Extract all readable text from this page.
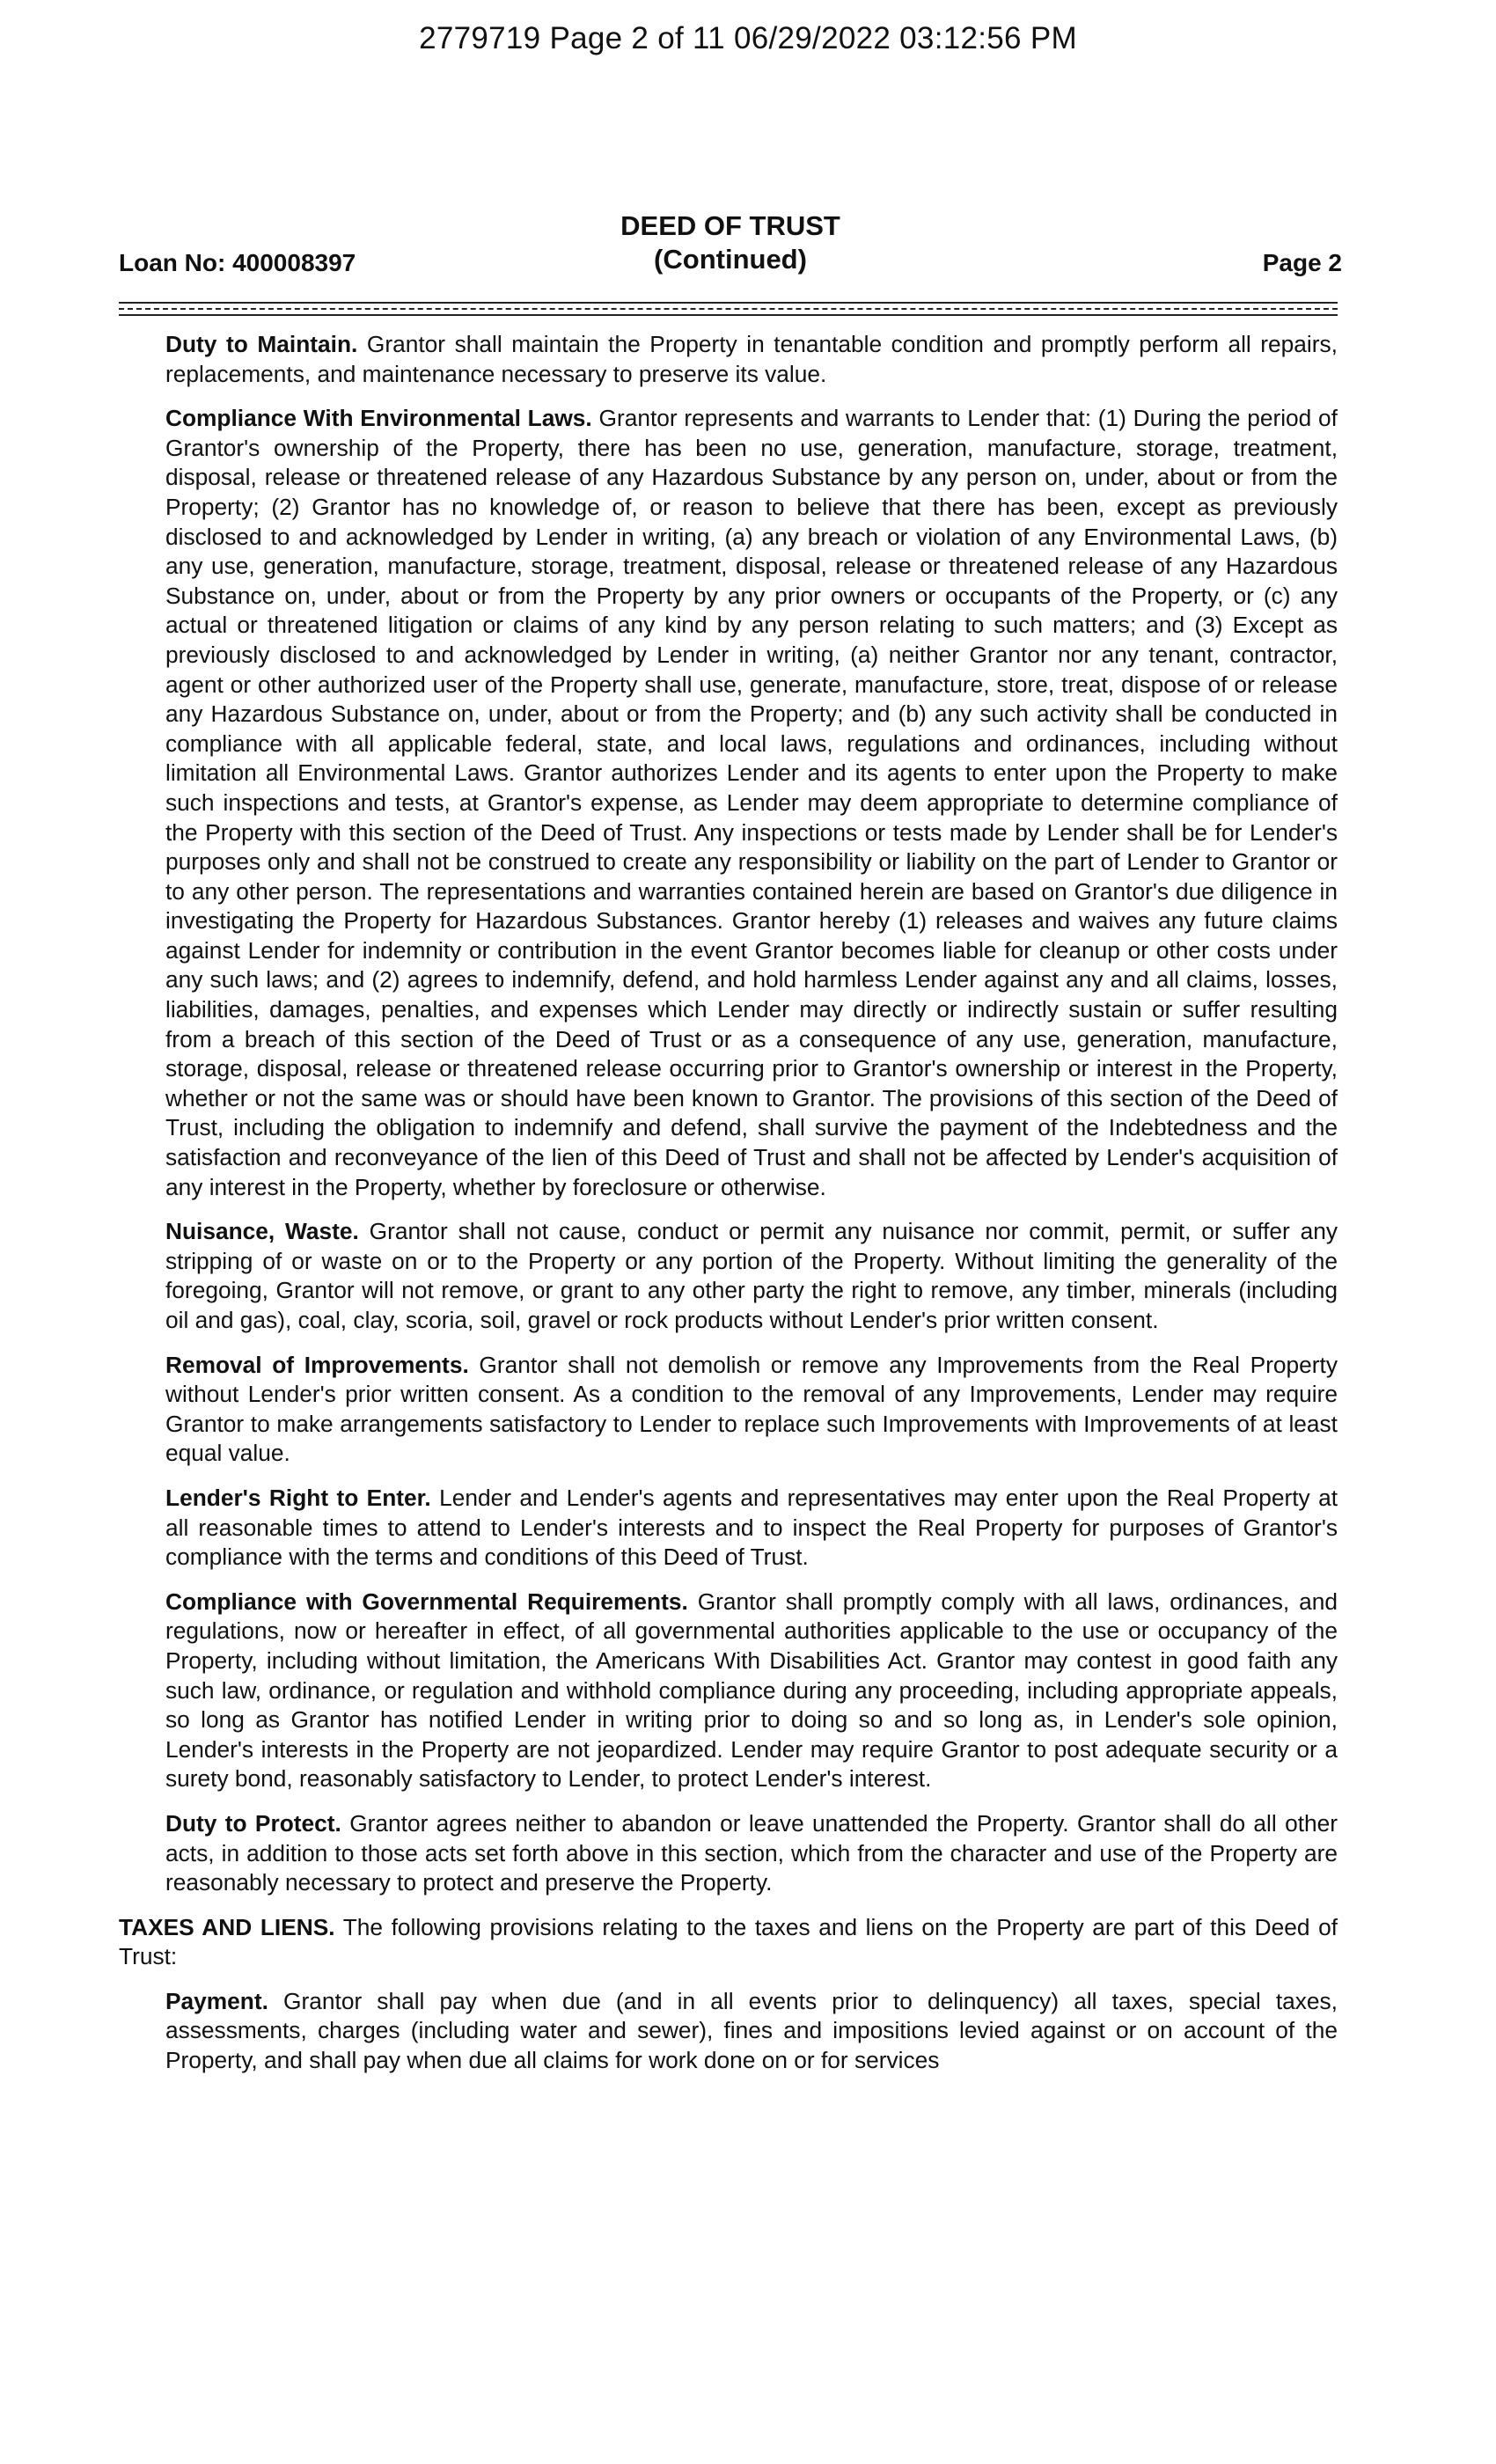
2779719 Page 2 of 11 06/29/2022 03:12:56 PM
Loan No: 400008397
DEED OF TRUST
(Continued)	Page 2

Duty to Maintain. Grantor shall maintain the Property in tenantable condition and promptly perform all repairs, replacements, and maintenance necessary to preserve its value.

Compliance With Environmental Laws. Grantor represents and warrants to Lender that: (1) During the period of Grantor's ownership of the Property, there has been no use, generation, manufacture, storage, treatment, disposal, release or threatened release of any Hazardous Substance by any person on, under, about or from the Property; (2) Grantor has no knowledge of, or reason to believe that there has been, except as previously disclosed to and acknowledged by Lender in writing, (a) any breach or violation of any Environmental Laws, (b) any use, generation, manufacture, storage, treatment, disposal, release or threatened release of any Hazardous Substance on, under, about or from the Property by any prior owners or occupants of the Property, or (c) any actual or threatened litigation or claims of any kind by any person relating to such matters; and (3) Except as previously disclosed to and acknowledged by Lender in writing, (a) neither Grantor nor any tenant, contractor, agent or other authorized user of the Property shall use, generate, manufacture, store, treat, dispose of or release any Hazardous Substance on, under, about or from the Property; and (b) any such activity shall be conducted in compliance with all applicable federal, state, and local laws, regulations and ordinances, including without limitation all Environmental Laws. Grantor authorizes Lender and its agents to enter upon the Property to make such inspections and tests, at Grantor's expense, as Lender may deem appropriate to determine compliance of the Property with this section of the Deed of Trust. Any inspections or tests made by Lender shall be for Lender's purposes only and shall not be construed to create any responsibility or liability on the part of Lender to Grantor or to any other person. The representations and warranties contained herein are based on Grantor's due diligence in investigating the Property for Hazardous Substances. Grantor hereby (1) releases and waives any future claims against Lender for indemnity or contribution in the event Grantor becomes liable for cleanup or other costs under any such laws; and (2) agrees to indemnify, defend, and hold harmless Lender against any and all claims, losses, liabilities, damages, penalties, and expenses which Lender may directly or indirectly sustain or suffer resulting from a breach of this section of the Deed of Trust or as a consequence of any use, generation, manufacture, storage, disposal, release or threatened release occurring prior to Grantor's ownership or interest in the Property, whether or not the same was or should have been known to Grantor. The provisions of this section of the Deed of Trust, including the obligation to indemnify and defend, shall survive the payment of the Indebtedness and the satisfaction and reconveyance of the lien of this Deed of Trust and shall not be affected by Lender's acquisition of any interest in the Property, whether by foreclosure or otherwise.

Nuisance, Waste. Grantor shall not cause, conduct or permit any nuisance nor commit, permit, or suffer any stripping of or waste on or to the Property or any portion of the Property. Without limiting the generality of the foregoing, Grantor will not remove, or grant to any other party the right to remove, any timber, minerals (including oil and gas), coal, clay, scoria, soil, gravel or rock products without Lender's prior written consent.

Removal of Improvements. Grantor shall not demolish or remove any Improvements from the Real Property without Lender's prior written consent. As a condition to the removal of any Improvements, Lender may require Grantor to make arrangements satisfactory to Lender to replace such Improvements with Improvements of at least equal value.

Lender's Right to Enter. Lender and Lender's agents and representatives may enter upon the Real Property at all reasonable times to attend to Lender's interests and to inspect the Real Property for purposes of Grantor's compliance with the terms and conditions of this Deed of Trust.

Compliance with Governmental Requirements. Grantor shall promptly comply with all laws, ordinances, and regulations, now or hereafter in effect, of all governmental authorities applicable to the use or occupancy of the Property, including without limitation, the Americans With Disabilities Act. Grantor may contest in good faith any such law, ordinance, or regulation and withhold compliance during any proceeding, including appropriate appeals, so long as Grantor has notified Lender in writing prior to doing so and so long as, in Lender's sole opinion, Lender's interests in the Property are not jeopardized. Lender may require Grantor to post adequate security or a surety bond, reasonably satisfactory to Lender, to protect Lender's interest.

Duty to Protect. Grantor agrees neither to abandon or leave unattended the Property. Grantor shall do all other acts, in addition to those acts set forth above in this section, which from the character and use of the Property are reasonably necessary to protect and preserve the Property.

TAXES AND LIENS. The following provisions relating to the taxes and liens on the Property are part of this Deed of Trust:

Payment. Grantor shall pay when due (and in all events prior to delinquency) all taxes, special taxes, assessments, charges (including water and sewer), fines and impositions levied against or on account of the Property, and shall pay when due all claims for work done on or for services
